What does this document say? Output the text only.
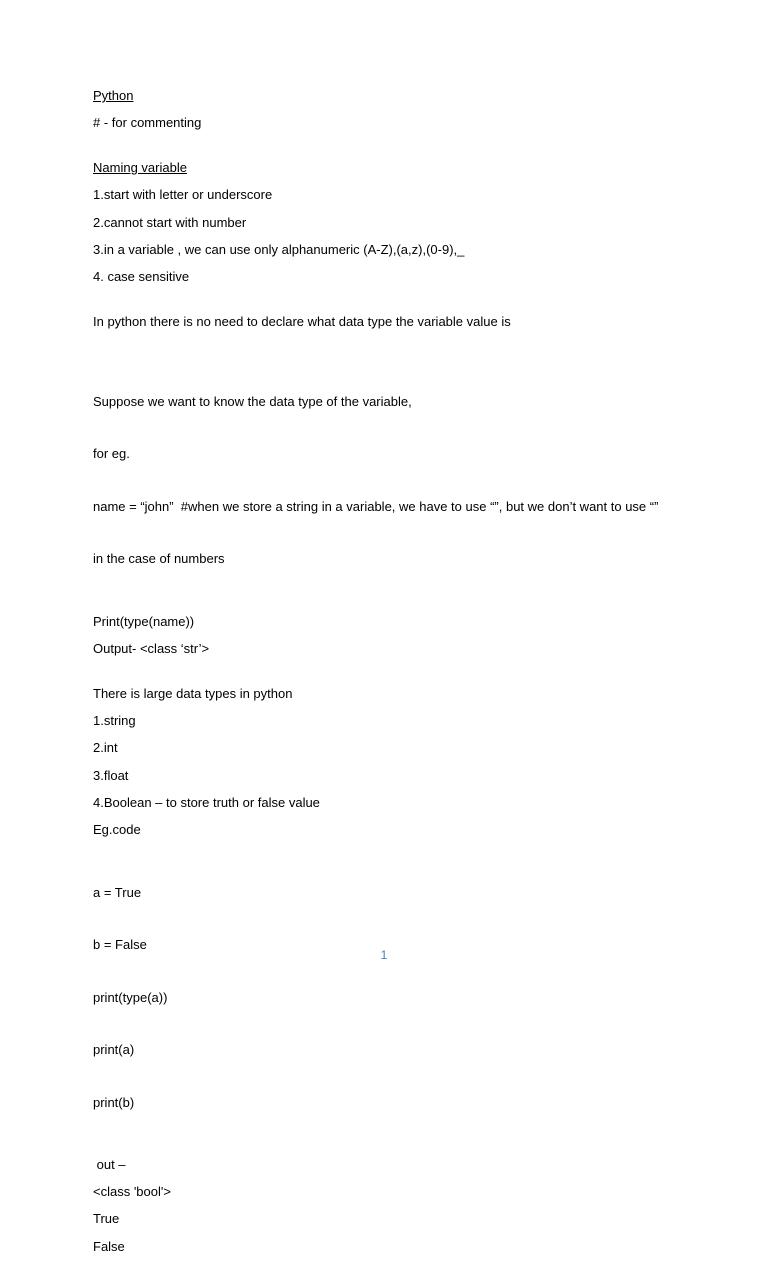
Python
# - for commenting
Naming variable
1.start with letter or underscore
2.cannot start with number
3.in a variable , we can use only alphanumeric (A-Z),(a,z),(0-9),_
4. case sensitive
In python there is no need to declare what data type the variable value is

Suppose we want to know the data type of the variable,

for eg.

name = “john”  #when we store a string in a variable, we have to use “”, but we don’t want to use “”

in the case of numbers

Print(type(name))
Output- <class ‘str’>
There is large data types in python
1.string
2.int
3.float
4.Boolean – to store truth or false value
Eg.code

a = True

b = False

print(type(a))

print(a)

print(b)

out –
<class 'bool'>
True
False
1
